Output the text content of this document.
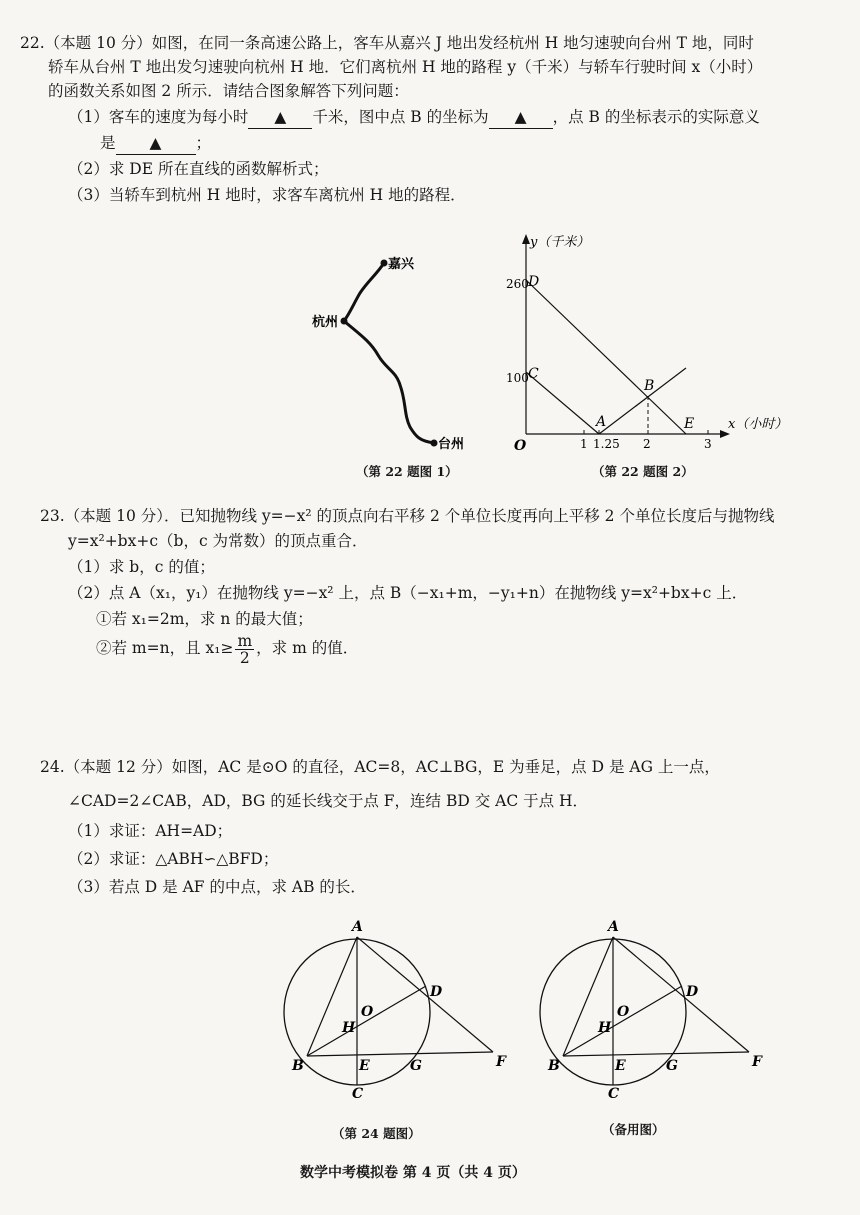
22.（本题 10 分）如图，在同一条高速公路上，客车从嘉兴 J 地出发经杭州 H 地匀速驶向台州 T 地，同时
轿车从台州 T 地出发匀速驶向杭州 H 地．它们离杭州 H 地的路程 y（千米）与轿车行驶时间 x（小时）
的函数关系如图 2 所示．请结合图象解答下列问题：
（1）客车的速度为每小时 ▲ 千米，图中点 B 的坐标为 ▲ ，点 B 的坐标表示的实际意义
是 ▲ ；
（2）求 DE 所在直线的函数解析式；
（3）当轿车到杭州 H 地时，求客车离杭州 H 地的路程．
嘉兴
杭州
台州
（第 22 题图 1）
y（千米）
x（小时）
260
100
O	1 1.25 2	3
D
C
A
B
E
（第 22 题图 2）
23.（本题 10 分）．已知抛物线 y=−x² 的顶点向右平移 2 个单位长度再向上平移 2 个单位长度后与抛物线
y=x²+bx+c（b，c 为常数）的顶点重合．
（1）求 b，c 的值；
（2）点 A（x₁，y₁）在抛物线 y=−x² 上，点 B（−x₁+m，−y₁+n）在抛物线 y=x²+bx+c 上．
①若 x₁=2m，求 n 的最大值；
②若 m=n，且 $x_1\ge \frac{m}{2}$ ，求 m 的值．
24.（本题 12 分）如图，AC 是⊙O 的直径，AC=8，AC⊥BG，E 为垂足，点 D 是 AG 上一点，
∠CAD=2∠CAB，AD，BG 的延长线交于点 F，连结 BD 交 AC 于点 H．
（1）求证：AH=AD；
（2）求证：△ABH∽△BFD；
（3）若点 D 是 AF 的中点，求 AB 的长．
A
B
C
D
E	F
G
H
O
（第 24 题图）
A
B
C
D
E	F
G
H
O
（备用图）
数学中考模拟卷 第 4 页（共 4 页）
